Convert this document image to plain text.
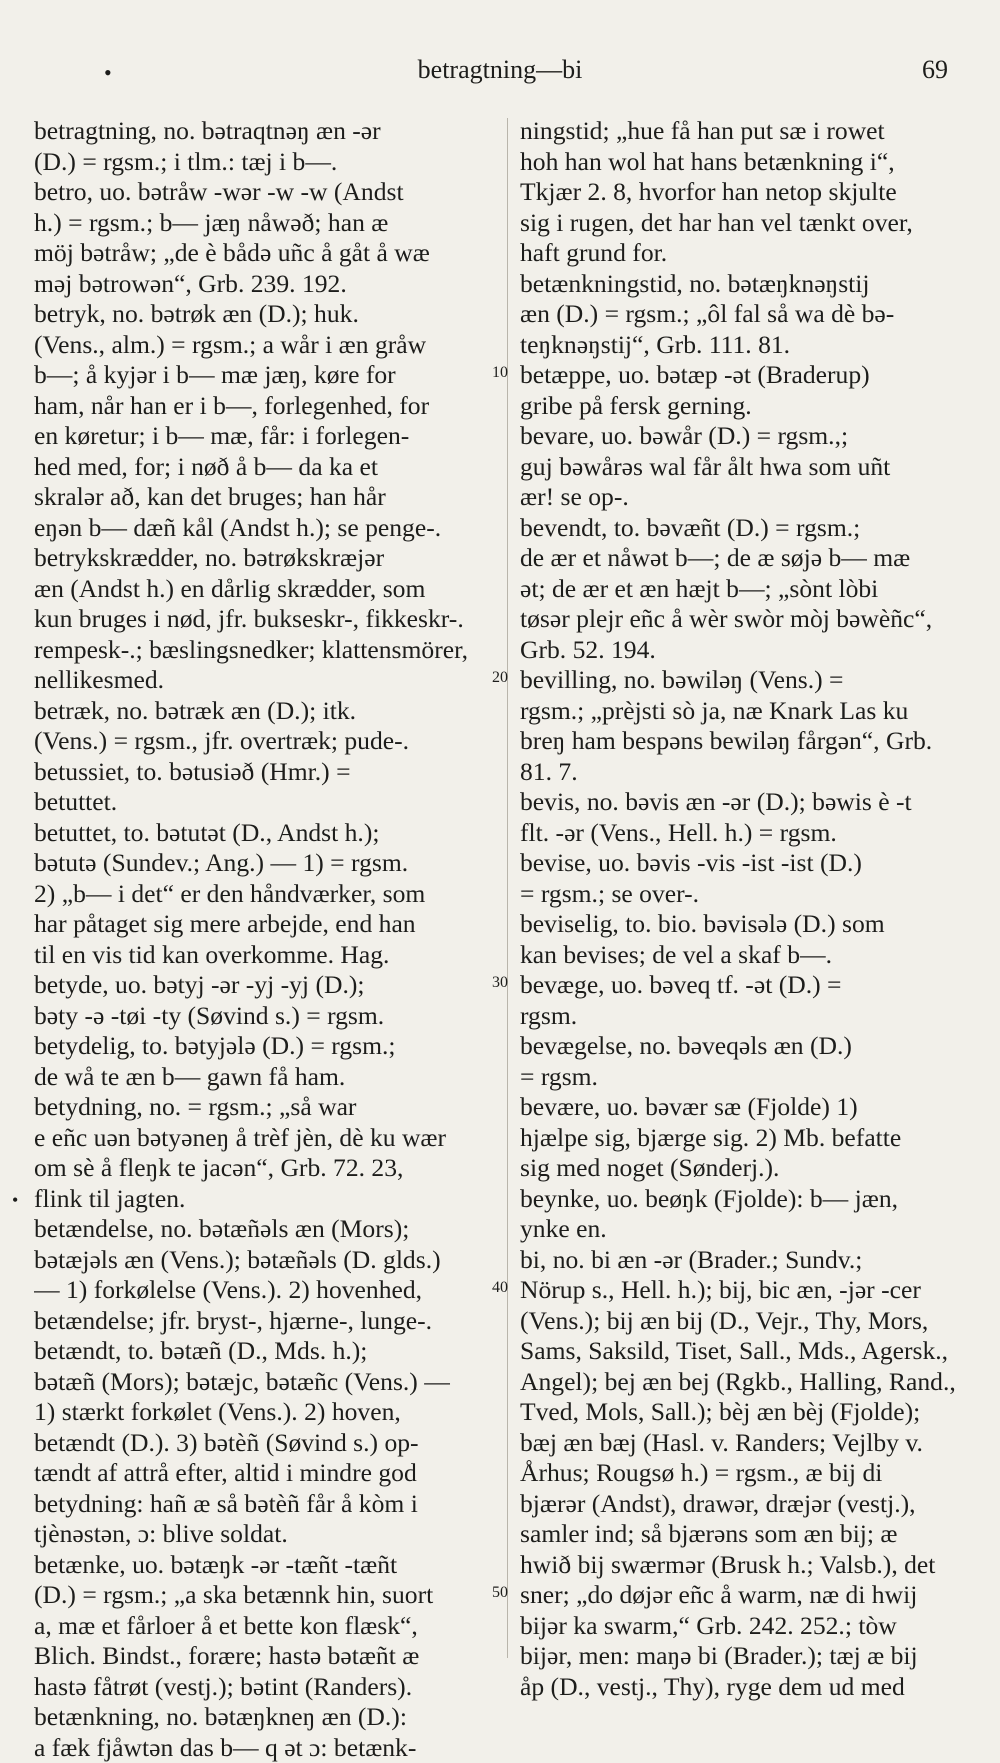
•	betragtning—bi	69
betragtning, no. bətraqtnəŋ æn -ər
(D.) = rgsm.; i tlm.: tæj i b—.
betro, uo. bətråw -wər -w -w (Andst
h.) = rgsm.; b— jæŋ nåwəð; han æ
möj bətråw; „de è bådə uñc å gåt å wæ
məj bətrowən“, Grb. 239. 192.
betryk, no. bətrøk æn (D.); huk.
(Vens., alm.) = rgsm.; a wår i æn gråw
b—; å kyjər i b— mæ jæŋ, køre for
ham, når han er i b—, forlegenhed, for
en køretur; i b— mæ, får: i forlegen-
hed med, for; i nøð å b— da ka et
skralər að, kan det bruges; han hår
eŋən b— dæñ kål (Andst h.); se penge-.
betrykskrædder, no. bətrøkskræjər
æn (Andst h.) en dårlig skrædder, som
kun bruges i nød, jfr. bukseskr-, fikkeskr-.
rempesk-.; bæslingsnedker; klattensmörer,
nellikesmed.
betræk, no. bətræk æn (D.); itk.
(Vens.) = rgsm., jfr. overtræk; pude-.
betussiet, to. bətusiəð (Hmr.) =
betuttet.
betuttet, to. bətutət (D., Andst h.);
bətutə (Sundev.; Ang.) — 1) = rgsm.
2) „b— i det“ er den håndværker, som
har påtaget sig mere arbejde, end han
til en vis tid kan overkomme. Hag.
betyde, uo. bətyj -ər -yj -yj (D.);
bəty -ə -tøi -ty (Søvind s.) = rgsm.
betydelig, to. bətyjələ (D.) = rgsm.;
de wå te æn b— gawn få ham.
betydning, no. = rgsm.; „så war
e eñc uən bətyəneŋ å trèf jèn, dè ku wær
om sè å fleŋk te jacən“, Grb. 72. 23,
flink til jagten.
betændelse, no. bətæñəls æn (Mors);
bətæjəls æn (Vens.); bətæñəls (D. glds.)
— 1) forkølelse (Vens.). 2) hovenhed,
betændelse; jfr. bryst-, hjærne-, lunge-.
betændt, to. bətæñ (D., Mds. h.);
bətæñ (Mors); bətæjc, bətæñc (Vens.) —
1) stærkt forkølet (Vens.). 2) hoven,
betændt (D.). 3) bətèñ (Søvind s.) op-
tændt af attrå efter, altid i mindre god
betydning: hañ æ så bətèñ får å kòm i
tjènəstən, ɔ: blive soldat.
betænke, uo. bətæŋk -ər -tæñt -tæñt
(D.) = rgsm.; „a ska betænnk hin, suort
a, mæ et fårloer å et bette kon flæsk“,
Blich. Bindst., forære; hastə bətæñt æ
hastə fåtrøt (vestj.); bətint (Randers).
betænkning, no. bətæŋkneŋ æn (D.):
a fæk fjåwtən das b— q ət ɔ: betænk-
10
20
30
40
50
•
ningstid; „hue få han put sæ i rowet
hoh han wol hat hans betænkning i“,
Tkjær 2. 8, hvorfor han netop skjulte
sig i rugen, det har han vel tænkt over,
haft grund for.
betænkningstid, no. bətæŋknəŋstij
æn (D.) = rgsm.; „ôl fal så wa dè bə-
teŋknəŋstij“, Grb. 111. 81.
betæppe, uo. bətæp -ət (Braderup)
gribe på fersk gerning.
bevare, uo. bəwår (D.) = rgsm.,;
guj bəwårəs wal får ålt hwa som uñt
ær! se op-.
bevendt, to. bəvæñt (D.) = rgsm.;
de ær et nåwət b—; de æ søjə b— mæ
ət; de ær et æn hæjt b—; „sònt lòbi
tøsər plejr eñc å wèr swòr mòj bəwèñc“,
Grb. 52. 194.
bevilling, no. bəwiləŋ (Vens.) =
rgsm.; „prèjsti sò ja, næ Knark Las ku
breŋ ham bespəns bewiləŋ fårgən“, Grb.
81. 7.
bevis, no. bəvis æn -ər (D.); bəwis è -t
flt. -ər (Vens., Hell. h.) = rgsm.
bevise, uo. bəvis -vis -ist -ist (D.)
= rgsm.; se over-.
beviselig, to. bio. bəvisələ (D.) som
kan bevises; de vel a skaf b—.
bevæge, uo. bəveq tf. -ət (D.) =
rgsm.
bevægelse, no. bəveqəls æn (D.)
= rgsm.
bevære, uo. bəvær sæ (Fjolde) 1)
hjælpe sig, bjærge sig. 2) Mb. befatte
sig med noget (Sønderj.).
beynke, uo. beøŋk (Fjolde): b— jæn,
ynke en.
bi, no. bi æn -ər (Brader.; Sundv.;
Nörup s., Hell. h.); bij, bic æn, -jər -cer
(Vens.); bij æn bij (D., Vejr., Thy, Mors,
Sams, Saksild, Tiset, Sall., Mds., Agersk.,
Angel); bej æn bej (Rgkb., Halling, Rand.,
Tved, Mols, Sall.); bèj æn bèj (Fjolde);
bæj æn bæj (Hasl. v. Randers; Vejlby v.
Århus; Rougsø h.) = rgsm., æ bij di
bjærər (Andst), drawər, dræjər (vestj.),
samler ind; så bjærəns som æn bij; æ
hwið bij swærmər (Brusk h.; Valsb.), det
sner; „do døjər eñc å warm, næ di hwij
bijər ka swarm,“ Grb. 242. 252.; tòw
bijər, men: maŋə bi (Brader.); tæj æ bij
åp (D., vestj., Thy), ryge dem ud med
